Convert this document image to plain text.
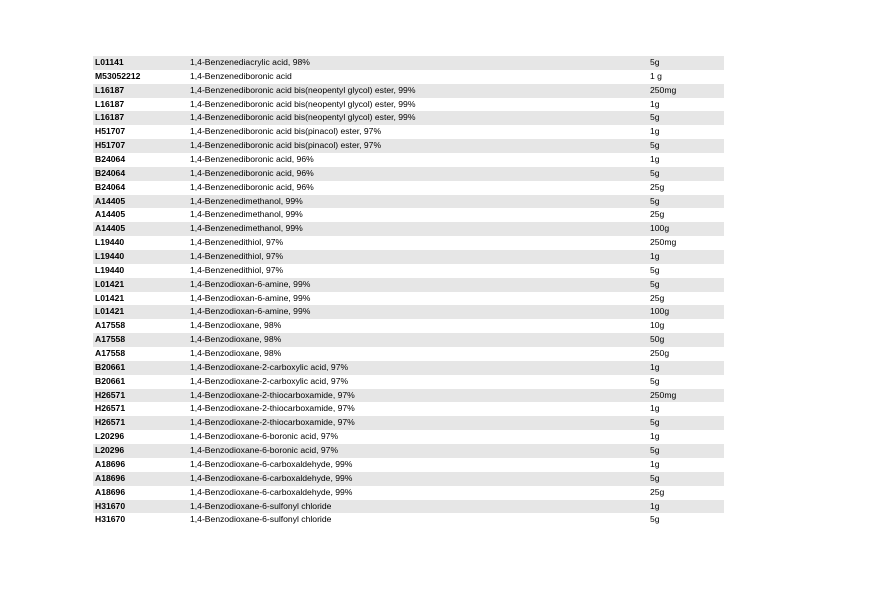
L01141	1,4-Benzenediacrylic acid, 98%	5g
M53052212	1,4-Benzenediboronic acid	1 g
L16187	1,4-Benzenediboronic acid bis(neopentyl glycol) ester, 99%	250mg
L16187	1,4-Benzenediboronic acid bis(neopentyl glycol) ester, 99%	1g
L16187	1,4-Benzenediboronic acid bis(neopentyl glycol) ester, 99%	5g
H51707	1,4-Benzenediboronic acid bis(pinacol) ester, 97%	1g
H51707	1,4-Benzenediboronic acid bis(pinacol) ester, 97%	5g
B24064	1,4-Benzenediboronic acid, 96%	1g
B24064	1,4-Benzenediboronic acid, 96%	5g
B24064	1,4-Benzenediboronic acid, 96%	25g
A14405	1,4-Benzenedimethanol, 99%	5g
A14405	1,4-Benzenedimethanol, 99%	25g
A14405	1,4-Benzenedimethanol, 99%	100g
L19440	1,4-Benzenedithiol, 97%	250mg
L19440	1,4-Benzenedithiol, 97%	1g
L19440	1,4-Benzenedithiol, 97%	5g
L01421	1,4-Benzodioxan-6-amine, 99%	5g
L01421	1,4-Benzodioxan-6-amine, 99%	25g
L01421	1,4-Benzodioxan-6-amine, 99%	100g
A17558	1,4-Benzodioxane, 98%	10g
A17558	1,4-Benzodioxane, 98%	50g
A17558	1,4-Benzodioxane, 98%	250g
B20661	1,4-Benzodioxane-2-carboxylic acid, 97%	1g
B20661	1,4-Benzodioxane-2-carboxylic acid, 97%	5g
H26571	1,4-Benzodioxane-2-thiocarboxamide, 97%	250mg
H26571	1,4-Benzodioxane-2-thiocarboxamide, 97%	1g
H26571	1,4-Benzodioxane-2-thiocarboxamide, 97%	5g
L20296	1,4-Benzodioxane-6-boronic acid, 97%	1g
L20296	1,4-Benzodioxane-6-boronic acid, 97%	5g
A18696	1,4-Benzodioxane-6-carboxaldehyde, 99%	1g
A18696	1,4-Benzodioxane-6-carboxaldehyde, 99%	5g
A18696	1,4-Benzodioxane-6-carboxaldehyde, 99%	25g
H31670	1,4-Benzodioxane-6-sulfonyl chloride	1g
H31670	1,4-Benzodioxane-6-sulfonyl chloride	5g
